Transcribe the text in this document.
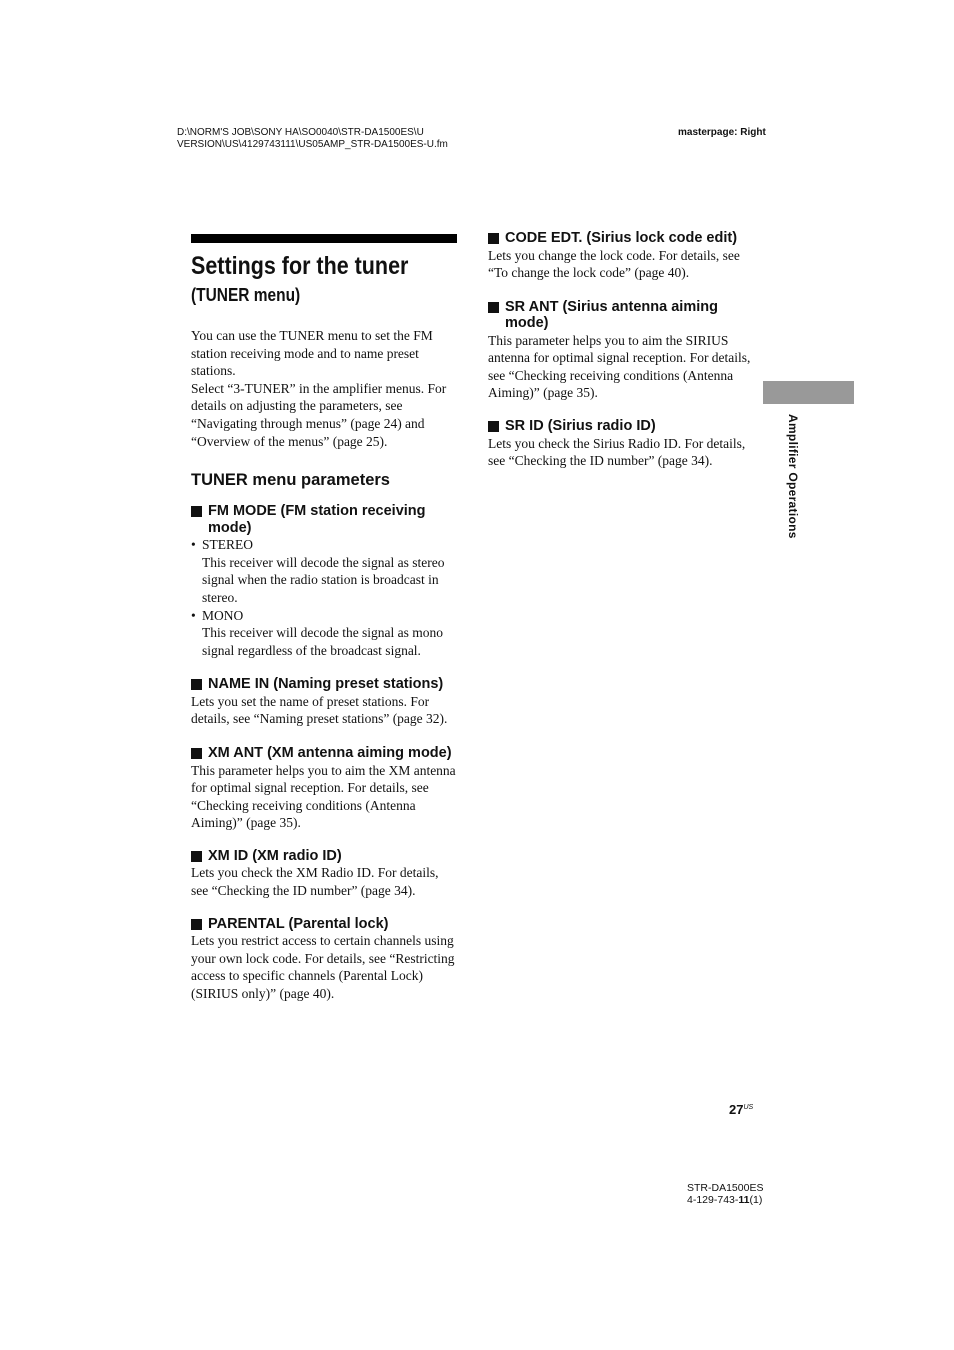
D:\NORM'S JOB\SONY HA\SO0040\STR-DA1500ES\U
VERSION\US\4129743111\US05AMP_STR-DA1500ES-U.fm
masterpage: Right
Settings for the tuner
(TUNER menu)
You can use the TUNER menu to set the FM station receiving mode and to name preset stations.
Select “3-TUNER” in the amplifier menus. For details on adjusting the parameters, see “Navigating through menus” (page 24) and “Overview of the menus” (page 25).
TUNER menu parameters
FM MODE (FM station receiving mode)
• STEREO
This receiver will decode the signal as stereo signal when the radio station is broadcast in stereo.
• MONO
This receiver will decode the signal as mono signal regardless of the broadcast signal.
NAME IN (Naming preset stations)
Lets you set the name of preset stations. For details, see “Naming preset stations” (page 32).
XM ANT (XM antenna aiming mode)
This parameter helps you to aim the XM antenna for optimal signal reception. For details, see “Checking receiving conditions (Antenna Aiming)” (page 35).
XM ID (XM radio ID)
Lets you check the XM Radio ID. For details, see “Checking the ID number” (page 34).
PARENTAL (Parental lock)
Lets you restrict access to certain channels using your own lock code. For details, see “Restricting access to specific channels (Parental Lock) (SIRIUS only)” (page 40).
CODE EDT. (Sirius lock code edit)
Lets you change the lock code. For details, see “To change the lock code” (page 40).
SR ANT (Sirius antenna aiming mode)
This parameter helps you to aim the SIRIUS antenna for optimal signal reception. For details, see “Checking receiving conditions (Antenna Aiming)” (page 35).
SR ID (Sirius radio ID)
Lets you check the Sirius Radio ID. For details, see “Checking the ID number” (page 34).	Amplifier Operations
$27^{US}$
STR-DA1500ES
4-129-743-11(1)
